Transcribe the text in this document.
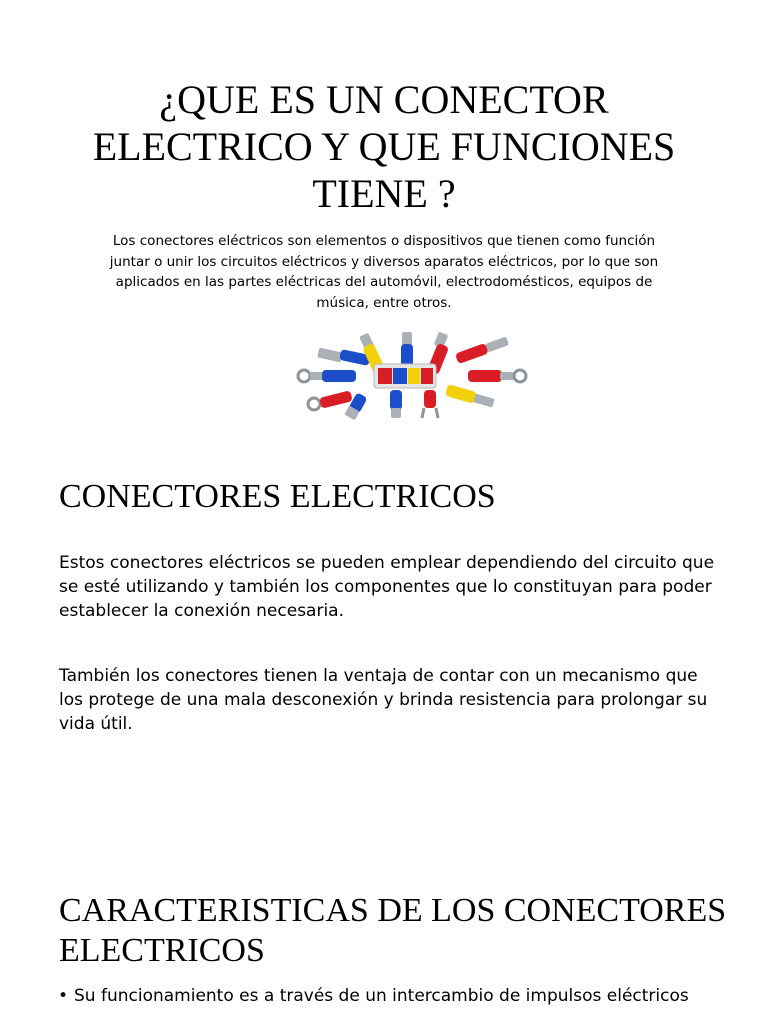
¿QUE ES UN CONECTOR ELECTRICO Y QUE FUNCIONES TIENE ?

Los conectores eléctricos son elementos o dispositivos que tienen como función juntar o unir los circuitos eléctricos y diversos aparatos eléctricos, por lo que son aplicados en las partes eléctricas del automóvil, electrodomésticos, equipos de música, entre otros.

CONECTORES ELECTRICOS

Estos conectores eléctricos se pueden emplear dependiendo del circuito que se esté utilizando y también los componentes que lo constituyan para poder establecer la conexión necesaria.

También los conectores tienen la ventaja de contar con un mecanismo que los protege de una mala desconexión y brinda resistencia para prolongar su vida útil.

CARACTERISTICAS DE LOS CONECTORES ELECTRICOS
• Su funcionamiento es a través de un intercambio de impulsos eléctricos
